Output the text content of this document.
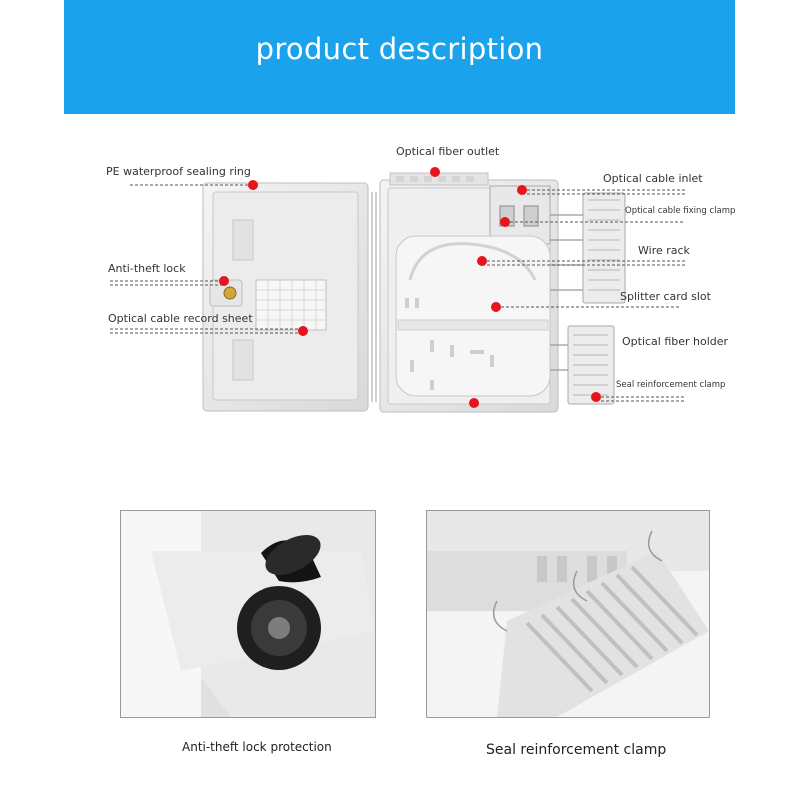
product description
PE waterproof sealing ring
Anti-theft lock
Optical cable record sheet
Optical fiber outlet
Optical cable inlet
Optical cable fixing clamp
Wire rack
Splitter card slot
Optical fiber holder
Seal reinforcement clamp
Anti-theft lock protection	Seal reinforcement clamp
